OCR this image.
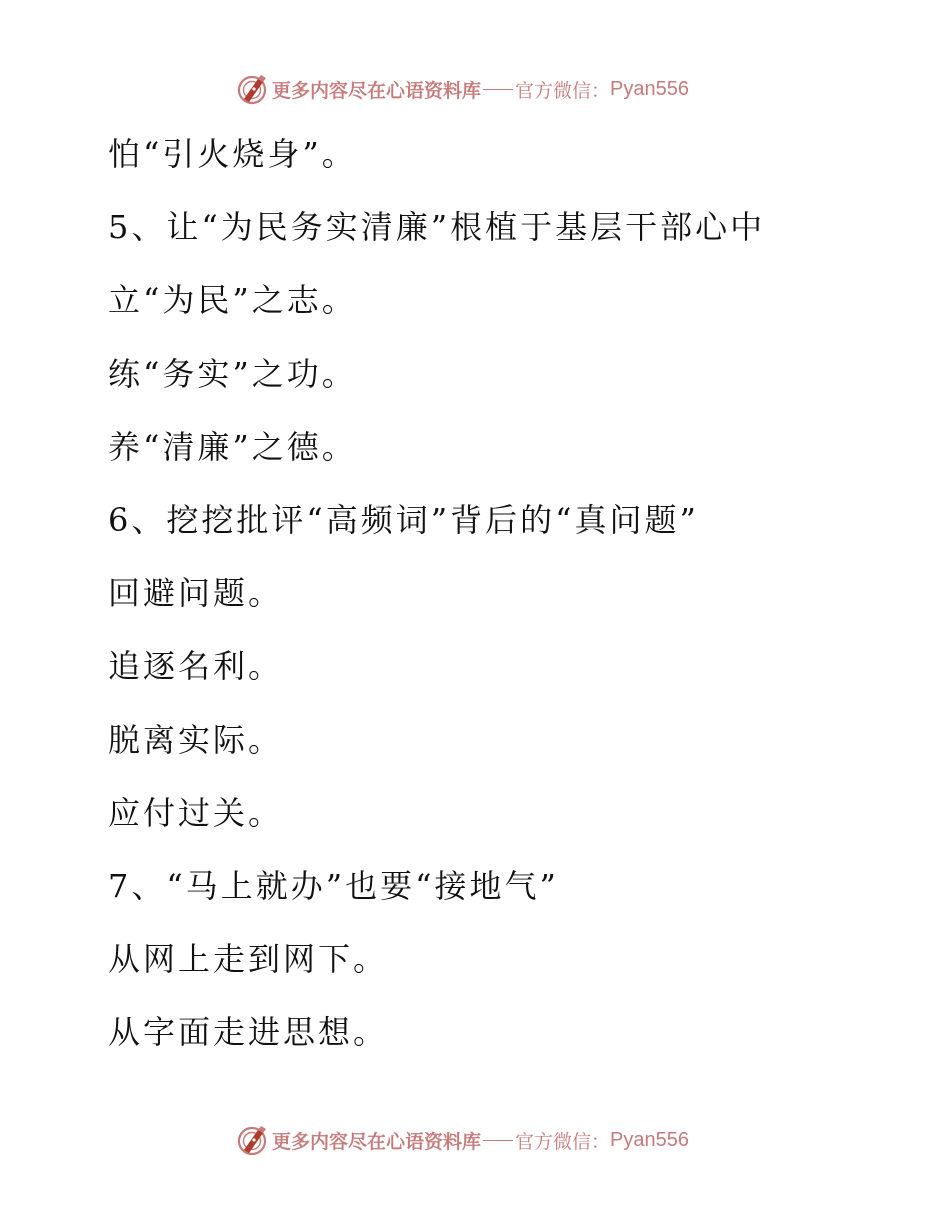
更多内容尽在心语资料库 官方微信： Pyan556
怕“引火烧身”。
5、让“为民务实清廉”根植于基层干部心中
立“为民”之志。
练“务实”之功。
养“清廉”之德。
6、挖挖批评“高频词”背后的“真问题”
回避问题。
追逐名利。
脱离实际。
应付过关。
7、“马上就办”也要“接地气”
从网上走到网下。
从字面走进思想。
更多内容尽在心语资料库 官方微信： Pyan556
